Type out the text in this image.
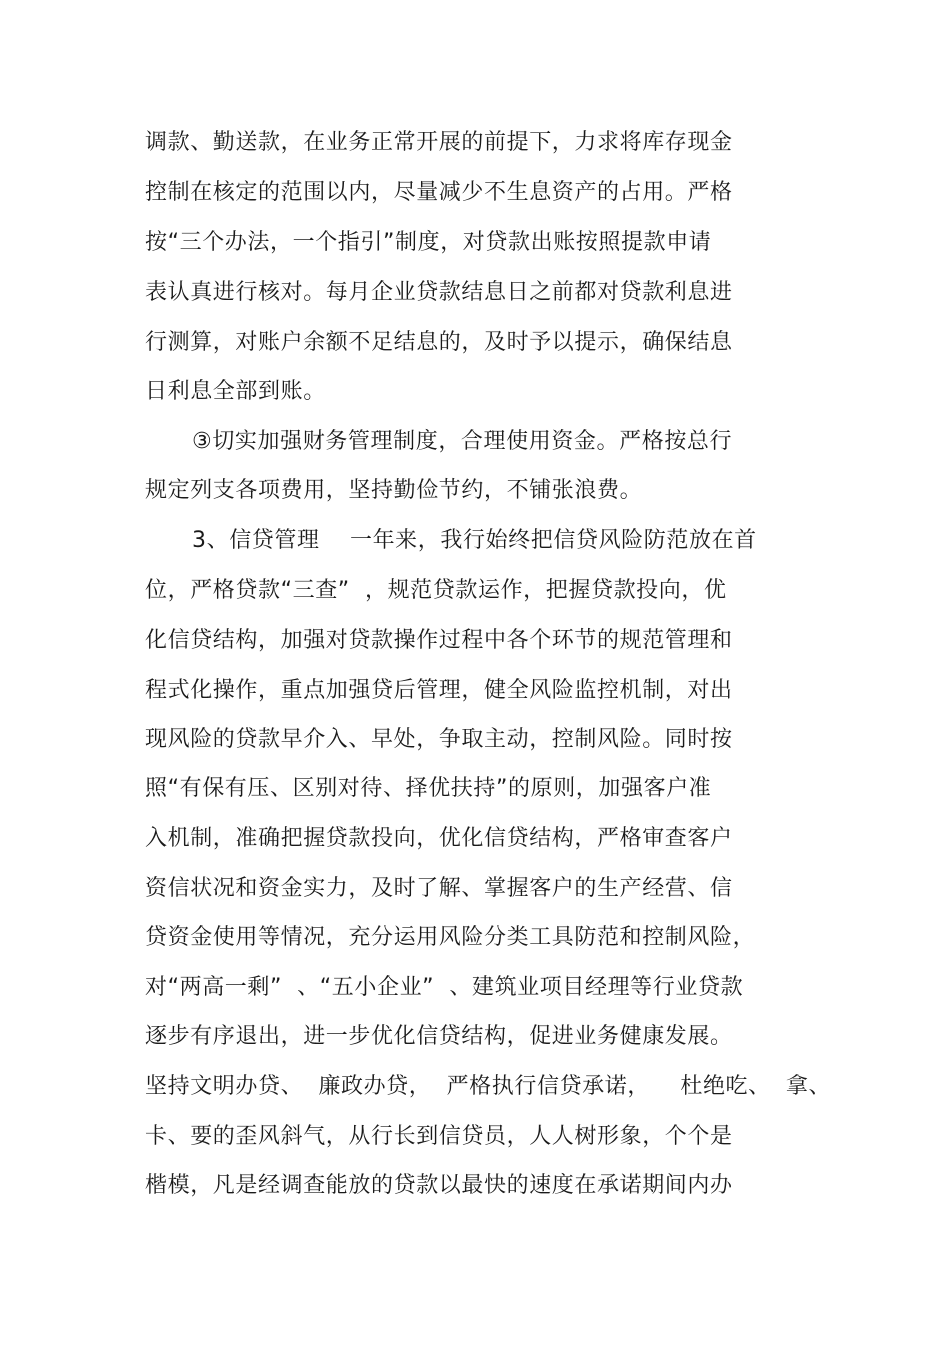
调款、勤送款，在业务正常开展的前提下，力求将库存现金
控制在核定的范围以内，尽量减少不生息资产的占用。严格
按“三个办法，一个指引”制度，对贷款出账按照提款申请
表认真进行核对。每月企业贷款结息日之前都对贷款利息进
行测算，对账户余额不足结息的，及时予以提示，确保结息
日利息全部到账。
③切实加强财务管理制度，合理使用资金。严格按总行
规定列支各项费用，坚持勤俭节约，不铺张浪费。
3、信贷管理    一年来，我行始终把信贷风险防范放在首
位，严格贷款“三查”  ，规范贷款运作，把握贷款投向，优
化信贷结构，加强对贷款操作过程中各个环节的规范管理和
程式化操作，重点加强贷后管理，健全风险监控机制，对出
现风险的贷款早介入、早处，争取主动，控制风险。同时按
照“有保有压、区别对待、择优扶持”的原则，加强客户准
入机制，准确把握贷款投向，优化信贷结构，严格审查客户
资信状况和资金实力，及时了解、掌握客户的生产经营、信
贷资金使用等情况，充分运用风险分类工具防范和控制风险，
对“两高一剩”  、“五小企业”  、建筑业项目经理等行业贷款
逐步有序退出，进一步优化信贷结构，促进业务健康发展。
坚持文明办贷、  廉政办贷，  严格执行信贷承诺，    杜绝吃、  拿、
卡、要的歪风斜气，从行长到信贷员，人人树形象，个个是
楷模，凡是经调查能放的贷款以最快的速度在承诺期间内办
